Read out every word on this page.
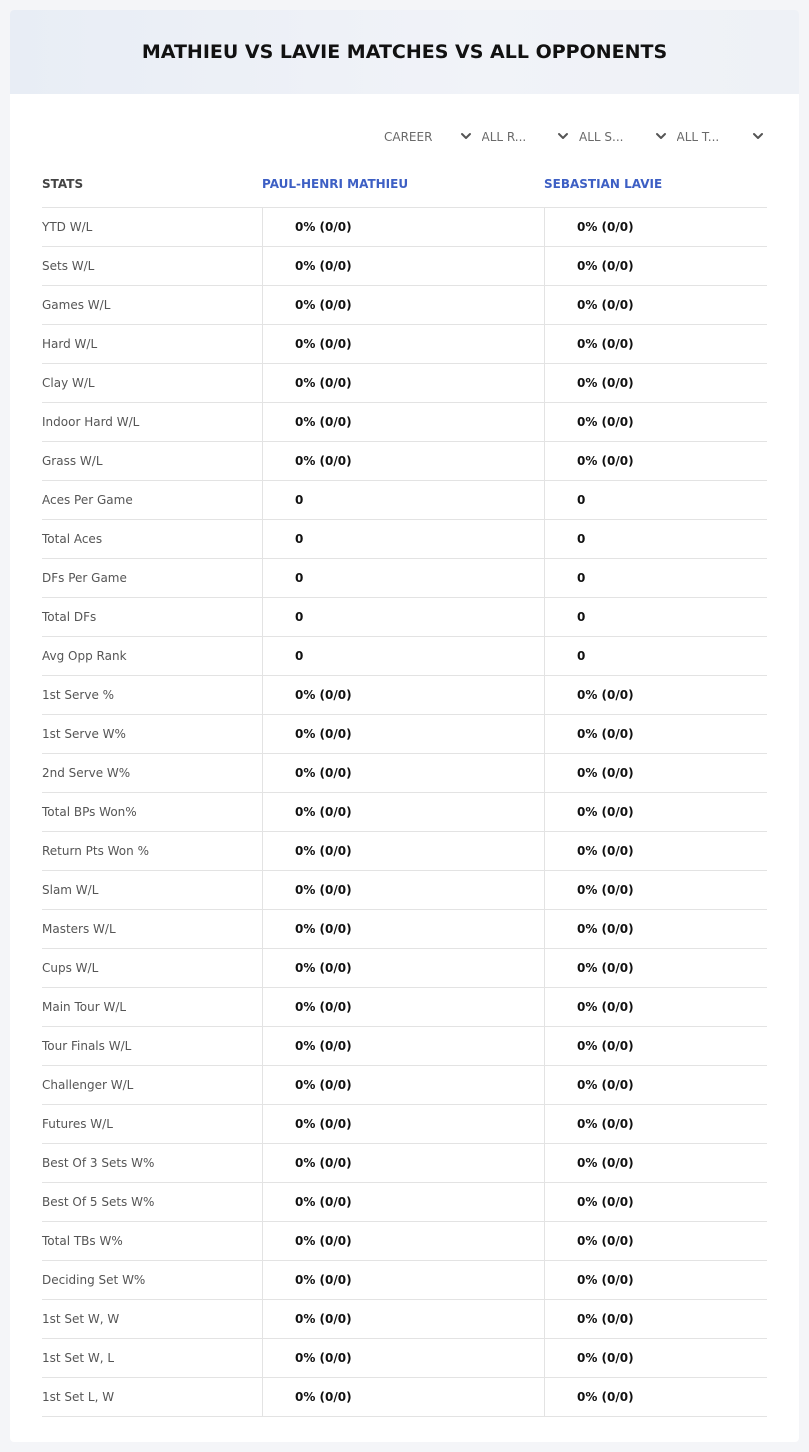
MATHIEU VS LAVIE MATCHES VS ALL OPPONENTS
CAREER	ALL R...	ALL S...	ALL T...
STATS	PAUL-HENRI MATHIEU	SEBASTIAN LAVIE
YTD W/L	0% (0/0)	0% (0/0)
Sets W/L	0% (0/0)	0% (0/0)
Games W/L	0% (0/0)	0% (0/0)
Hard W/L	0% (0/0)	0% (0/0)
Clay W/L	0% (0/0)	0% (0/0)
Indoor Hard W/L	0% (0/0)	0% (0/0)
Grass W/L	0% (0/0)	0% (0/0)
Aces Per Game	0	0
Total Aces	0	0
DFs Per Game	0	0
Total DFs	0	0
Avg Opp Rank	0	0
1st Serve %	0% (0/0)	0% (0/0)
1st Serve W%	0% (0/0)	0% (0/0)
2nd Serve W%	0% (0/0)	0% (0/0)
Total BPs Won%	0% (0/0)	0% (0/0)
Return Pts Won %	0% (0/0)	0% (0/0)
Slam W/L	0% (0/0)	0% (0/0)
Masters W/L	0% (0/0)	0% (0/0)
Cups W/L	0% (0/0)	0% (0/0)
Main Tour W/L	0% (0/0)	0% (0/0)
Tour Finals W/L	0% (0/0)	0% (0/0)
Challenger W/L	0% (0/0)	0% (0/0)
Futures W/L	0% (0/0)	0% (0/0)
Best Of 3 Sets W%	0% (0/0)	0% (0/0)
Best Of 5 Sets W%	0% (0/0)	0% (0/0)
Total TBs W%	0% (0/0)	0% (0/0)
Deciding Set W%	0% (0/0)	0% (0/0)
1st Set W, W	0% (0/0)	0% (0/0)
1st Set W, L	0% (0/0)	0% (0/0)
1st Set L, W	0% (0/0)	0% (0/0)
